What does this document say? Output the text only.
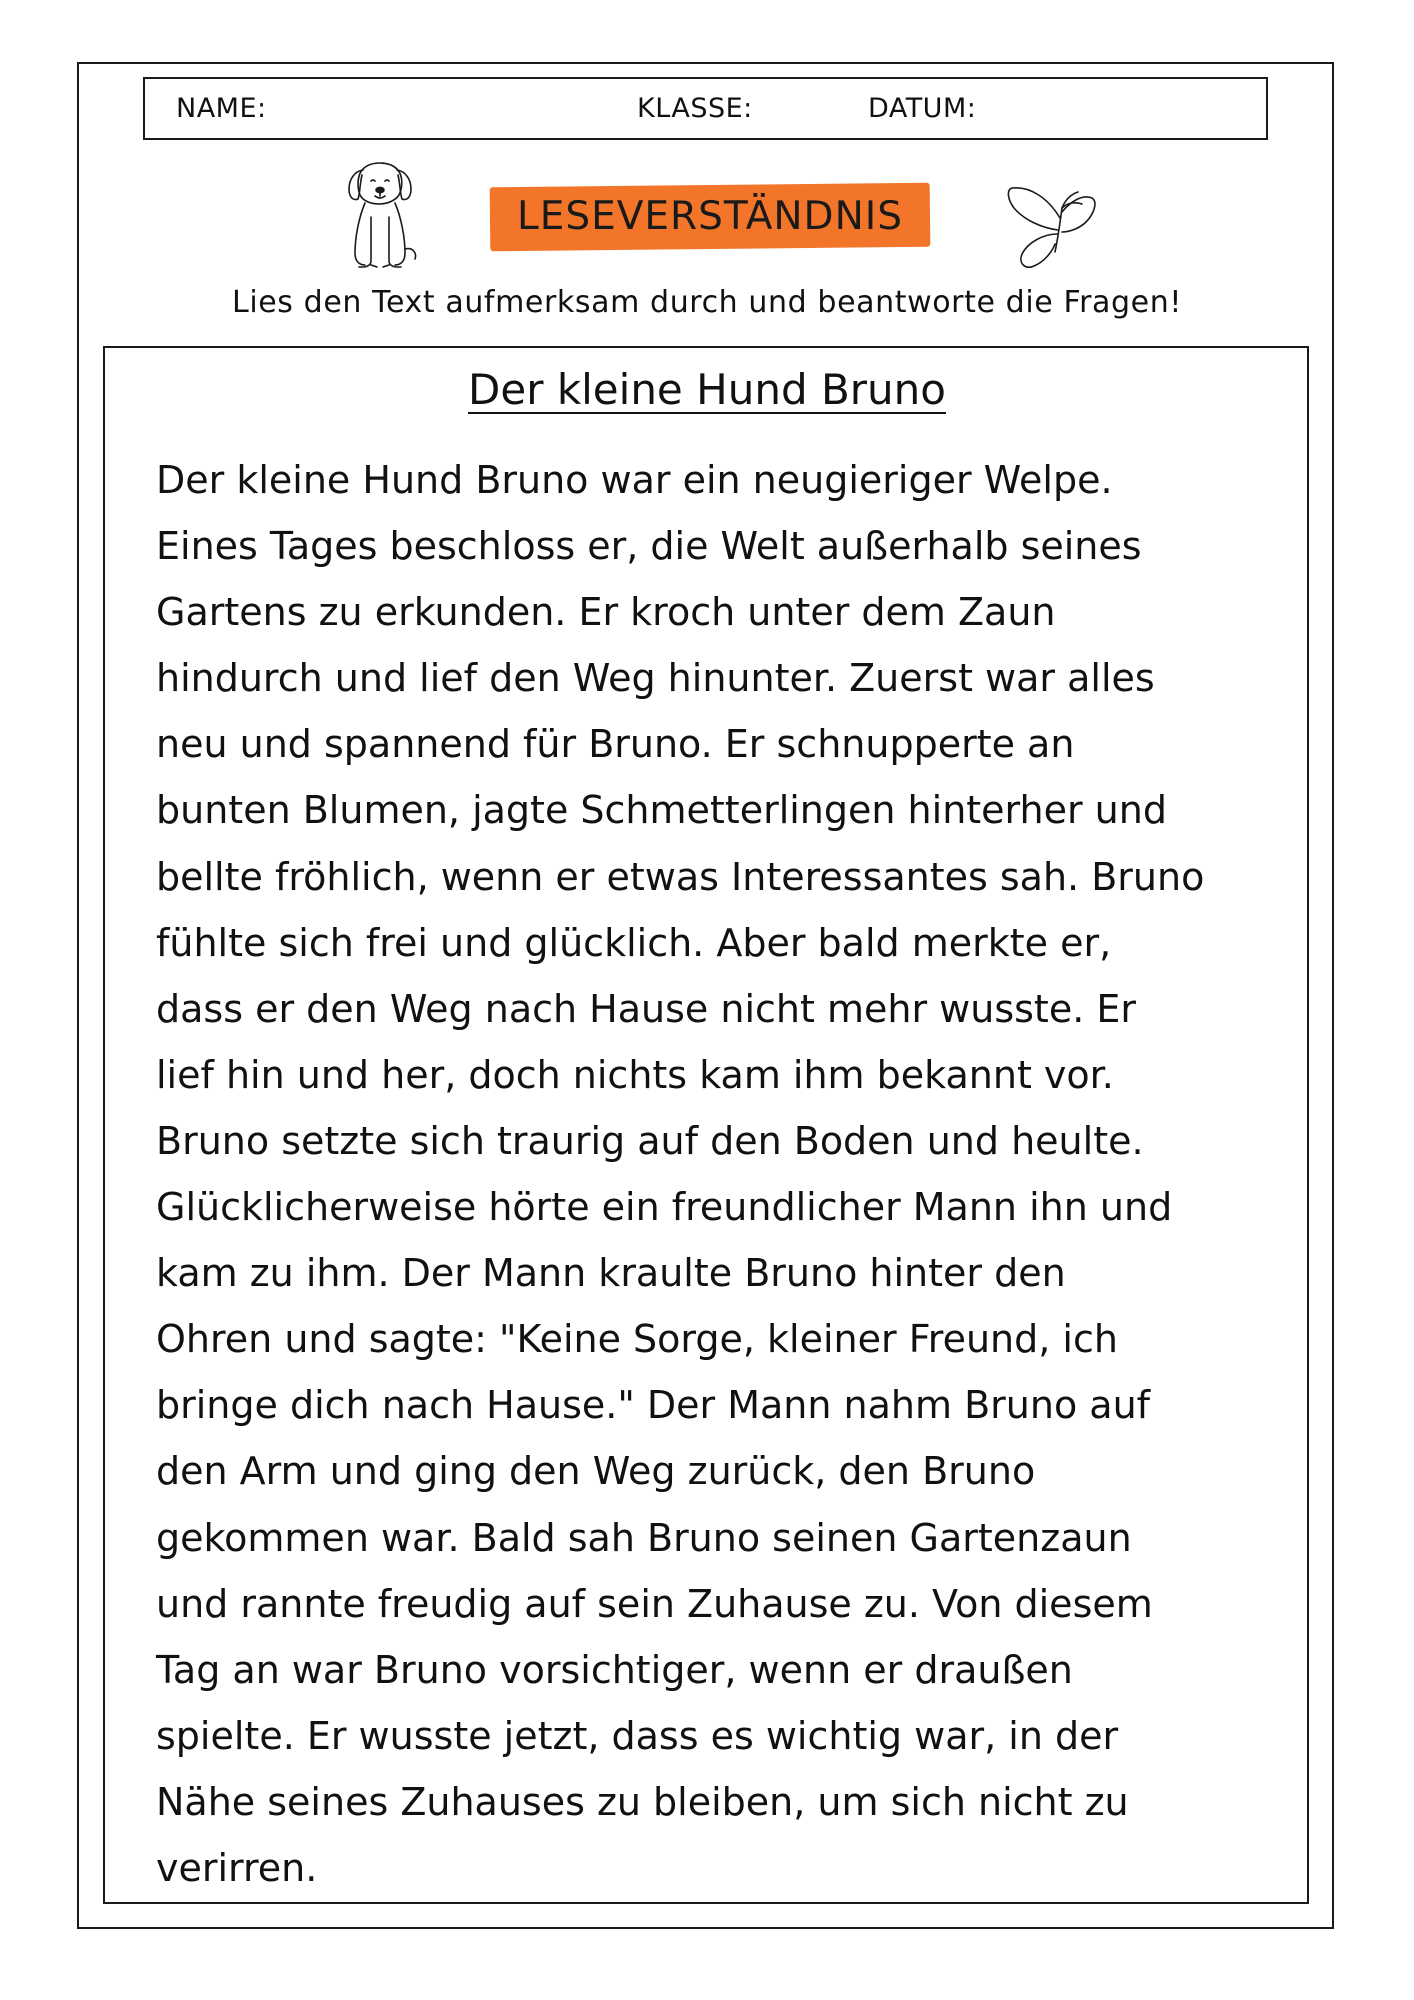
NAME:	KLASSE:	DATUM:
LESEVERSTÄNDNIS
Lies den Text aufmerksam durch und beantworte die Fragen!
Der kleine Hund Bruno
Der kleine Hund Bruno war ein neugieriger Welpe.
Eines Tages beschloss er, die Welt außerhalb seines
Gartens zu erkunden. Er kroch unter dem Zaun
hindurch und lief den Weg hinunter. Zuerst war alles
neu und spannend für Bruno. Er schnupperte an
bunten Blumen, jagte Schmetterlingen hinterher und
bellte fröhlich, wenn er etwas Interessantes sah. Bruno
fühlte sich frei und glücklich. Aber bald merkte er,
dass er den Weg nach Hause nicht mehr wusste. Er
lief hin und her, doch nichts kam ihm bekannt vor.
Bruno setzte sich traurig auf den Boden und heulte.
Glücklicherweise hörte ein freundlicher Mann ihn und
kam zu ihm. Der Mann kraulte Bruno hinter den
Ohren und sagte: "Keine Sorge, kleiner Freund, ich
bringe dich nach Hause." Der Mann nahm Bruno auf
den Arm und ging den Weg zurück, den Bruno
gekommen war. Bald sah Bruno seinen Gartenzaun
und rannte freudig auf sein Zuhause zu. Von diesem
Tag an war Bruno vorsichtiger, wenn er draußen
spielte. Er wusste jetzt, dass es wichtig war, in der
Nähe seines Zuhauses zu bleiben, um sich nicht zu
verirren.
